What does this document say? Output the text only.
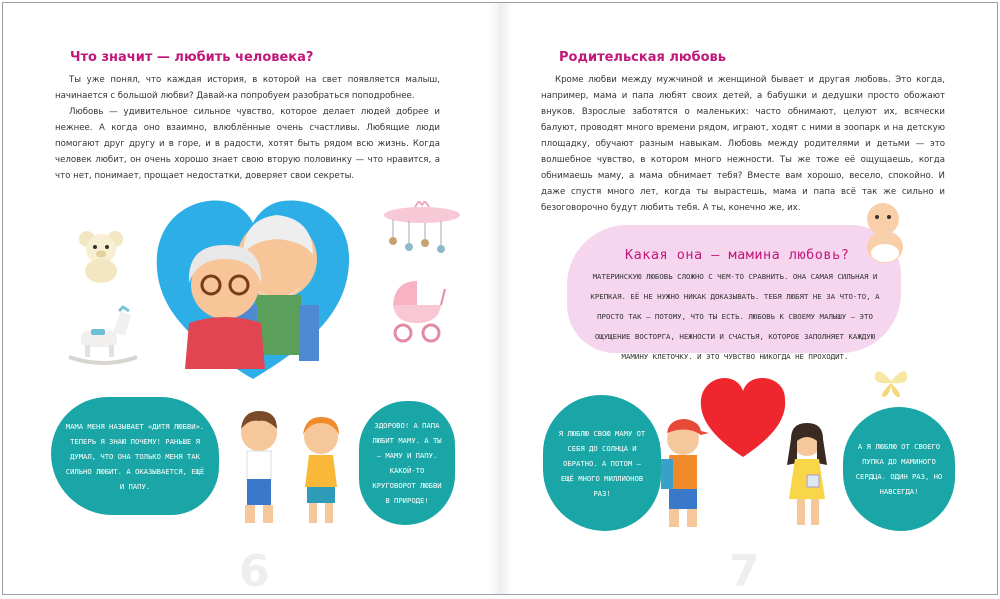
Что значит — любить человека?

Ты уже понял, что каждая история, в которой на свет появляется малыш, начинается с большой любви? Давай-ка попробуем разобраться поподробнее.

Любовь — удивительное сильное чувство, которое делает людей добрее и нежнее. А когда оно взаимно, влюблённые очень счастливы. Любящие люди помогают друг другу и в горе, и в радости, хотят быть рядом всю жизнь. Когда человек любит, он очень хорошо знает свою вторую половинку — что нравится, а что нет, понимает, прощает недостатки, доверяет свои секреты.

МАМА МЕНЯ НАЗЫВАЕТ «ДИТЯ ЛЮБВИ». ТЕПЕРЬ Я ЗНАЮ ПОЧЕМУ! РАНЬШЕ Я ДУМАЛ, ЧТО ОНА ТОЛЬКО МЕНЯ ТАК СИЛЬНО ЛЮБИТ. А ОКАЗЫВАЕТСЯ, ЕЩЁ И ПАПУ.
ЗДОРОВО! А ПАПА ЛЮБИТ МАМУ. А ТЫ — МАМУ И ПАПУ. КАКОЙ-ТО КРУГОВОРОТ ЛЮБВИ В ПРИРОДЕ!
6
Родительская любовь

Кроме любви между мужчиной и женщиной бывает и другая любовь. Это когда, например, мама и папа любят своих детей, а бабушки и дедушки просто обожают внуков. Взрослые заботятся о маленьких: часто обнимают, целуют их, всячески балуют, проводят много времени рядом, играют, ходят с ними в зоопарк и на детскую площадку, обучают разным навыкам. Любовь между родителями и детьми — это волшебное чувство, в котором много нежности. Ты же тоже её ощущаешь, когда обнимаешь маму, а мама обнимает тебя? Вместе вам хорошо, весело, спокойно. И даже спустя много лет, когда ты вырастешь, мама и папа всё так же сильно и безоговорочно будут любить тебя. А ты, конечно же, их.

Какая она — мамина любовь?

МАТЕРИНСКУЮ ЛЮБОВЬ СЛОЖНО С ЧЕМ-ТО СРАВНИТЬ. ОНА САМАЯ СИЛЬНАЯ И КРЕПКАЯ. ЕЁ НЕ НУЖНО НИКАК ДОКАЗЫВАТЬ. ТЕБЯ ЛЮБЯТ НЕ ЗА ЧТО-ТО, А ПРОСТО ТАК — ПОТОМУ, ЧТО ТЫ ЕСТЬ. ЛЮБОВЬ К СВОЕМУ МАЛЫШУ — ЭТО ОЩУЩЕНИЕ ВОСТОРГА, НЕЖНОСТИ И СЧАСТЬЯ, КОТОРОЕ ЗАПОЛНЯЕТ КАЖДУЮ МАМИНУ КЛЕТОЧКУ. И ЭТО ЧУВСТВО НИКОГДА НЕ ПРОХОДИТ.

Я ЛЮБЛЮ СВОЮ МАМУ ОТ СЕБЯ ДО СОЛНЦА И ОБРАТНО. А ПОТОМ — ЕЩЁ МНОГО МИЛЛИОНОВ РАЗ!
А Я ЛЮБЛЮ ОТ СВОЕГО ПУПКА ДО МАМИНОГО СЕРДЦА. ОДИН РАЗ, НО НАВСЕГДА!
7
